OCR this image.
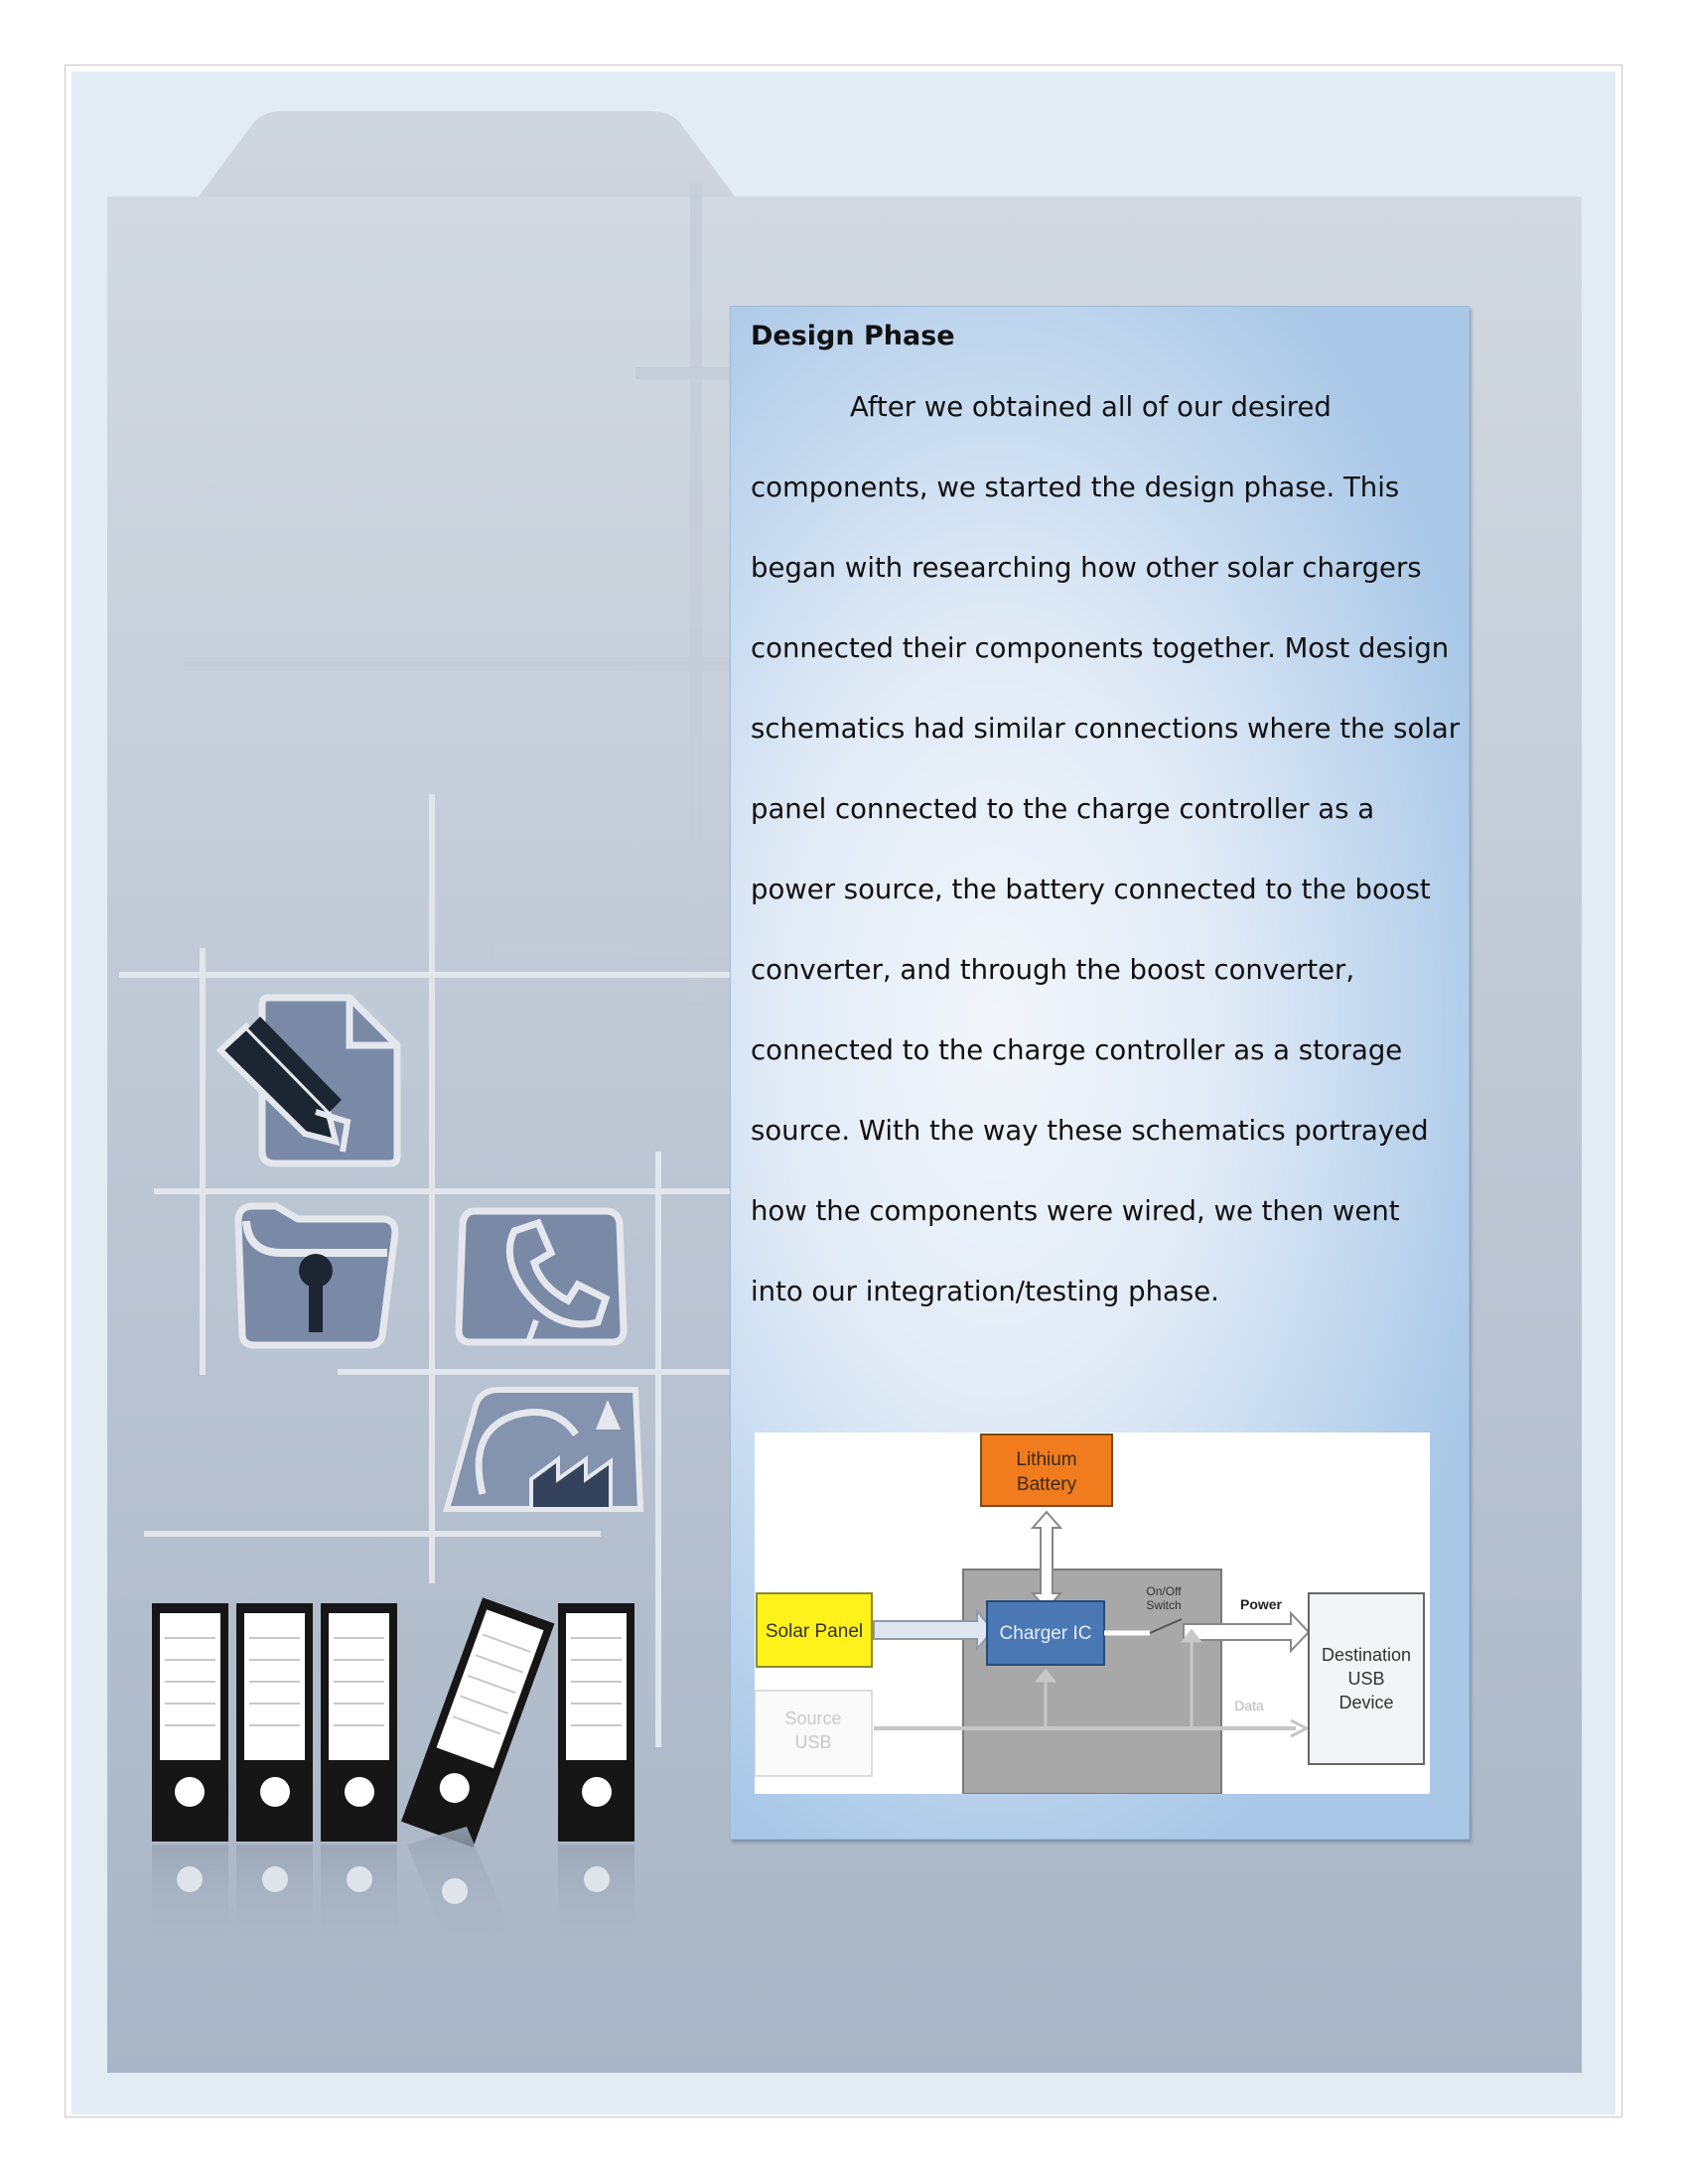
Design Phase
After we obtained all of our desired
components, we started the design phase. This
began with researching how other solar chargers
connected their components together. Most design
schematics had similar connections where the solar
panel connected to the charge controller as a
power source, the battery connected to the boost
converter, and through the boost converter,
connected to the charge controller as a storage
source. With the way these schematics portrayed
how the components were wired, we then went
into our integration/testing phase.
Source
USB
Data
Lithium
Battery
Solar Panel	Charger IC
On/Off
Switch	Power
Destination
USB
Device
